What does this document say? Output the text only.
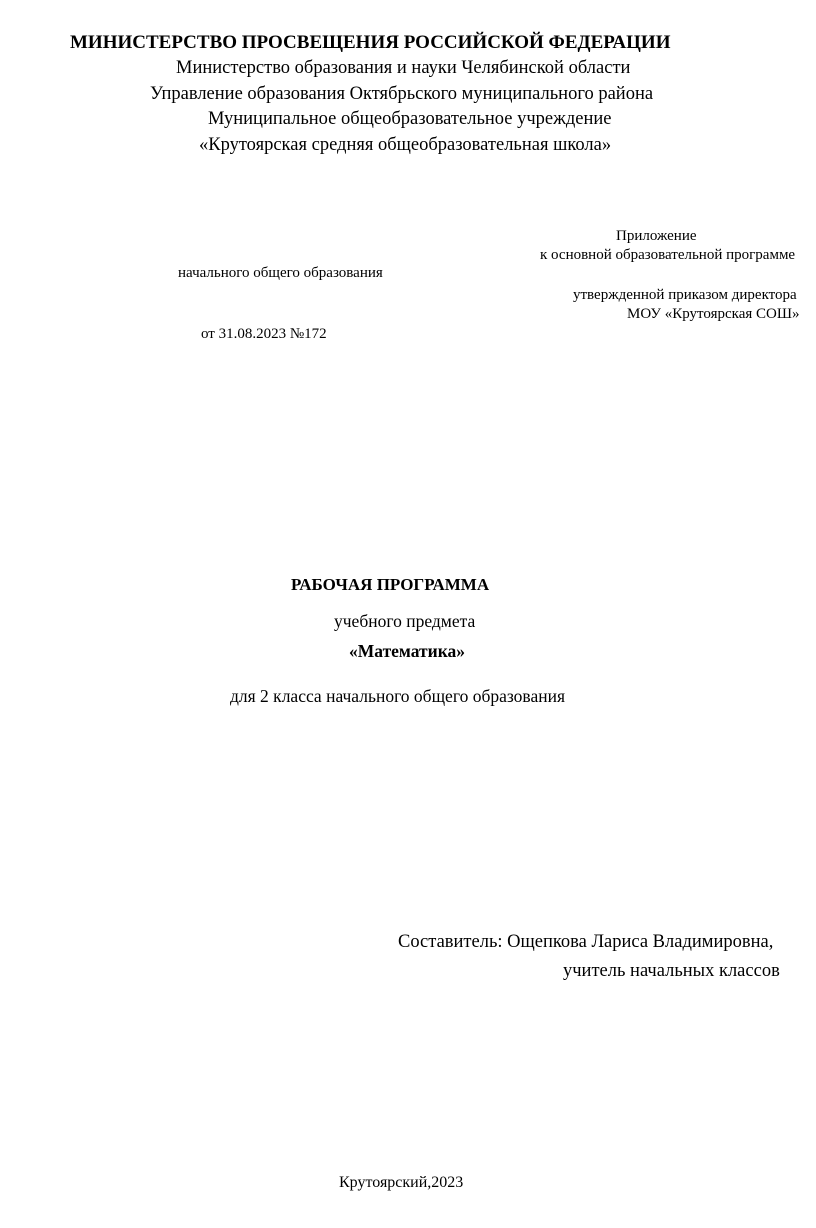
МИНИСТЕРСТВО ПРОСВЕЩЕНИЯ РОССИЙСКОЙ ФЕДЕРАЦИИ
Министерство образования и науки Челябинской области
Управление образования Октябрьского муниципального района
Муниципальное общеобразовательное учреждение
«Крутоярская средняя общеобразовательная школа»
Приложение
к основной образовательной программе
начального общего образования
утвержденной приказом директора
МОУ «Крутоярская СОШ»
от 31.08.2023 №172
РАБОЧАЯ ПРОГРАММА
учебного предмета
«Математика»
для 2 класса начального общего образования
Составитель: Ощепкова Лариса Владимировна,
учитель начальных классов
Крутоярский,2023
